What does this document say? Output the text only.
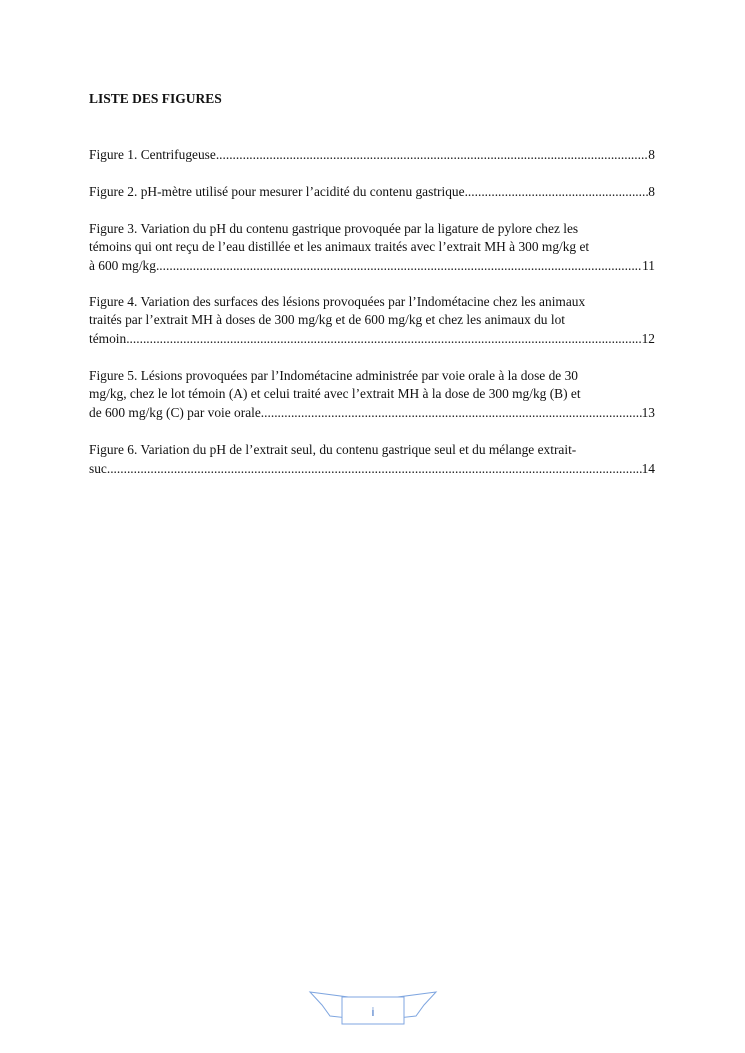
LISTE DES FIGURES
Figure 1. Centrifugeuse .....	8
Figure 2. pH-mètre utilisé pour mesurer l’acidité du contenu gastrique .....	8
Figure 3. Variation du pH du contenu gastrique provoquée par la ligature de pylore chez les
témoins qui ont reçu de l’eau distillée et les animaux traités avec l’extrait MH à 300 mg/kg et
à 600 mg/kg .....	11
Figure 4. Variation des surfaces des lésions provoquées par l’Indométacine chez les animaux
traités par l’extrait MH à doses de 300 mg/kg et de 600 mg/kg et chez les animaux du lot
témoin. .....	12
Figure 5. Lésions provoquées par l’Indométacine administrée par voie orale à la dose de 30
mg/kg, chez le lot témoin (A) et celui traité avec l’extrait MH à la dose de 300 mg/kg (B) et
de 600 mg/kg (C) par voie orale. .....	13
Figure 6. Variation du pH de l’extrait seul, du contenu gastrique seul et du mélange extrait-
suc .....	14
i
